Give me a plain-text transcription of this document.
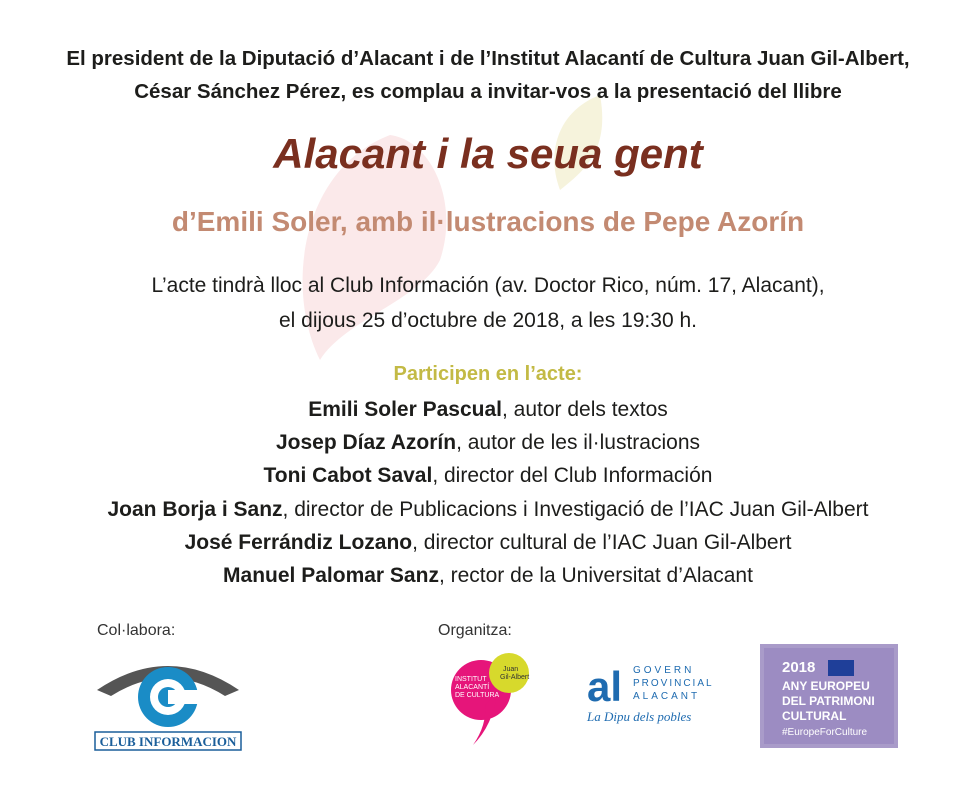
El president de la Diputació d’Alacant i de l’Institut Alacantí de Cultura Juan Gil-Albert,
César Sánchez Pérez, es complau a invitar-vos a la presentació del llibre
Alacant i la seua gent
d’Emili Soler, amb il·lustracions de Pepe Azorín
L’acte tindrà lloc al Club Información (av. Doctor Rico, núm. 17, Alacant),
el dijous 25 d’octubre de 2018, a les 19:30 h.
Participen en l’acte:
Emili Soler Pascual, autor dels textos
Josep Díaz Azorín, autor de les il·lustracions
Toni Cabot Saval, director del Club Información
Joan Borja i Sanz, director de Publicacions i Investigació de l’IAC Juan Gil-Albert
José Ferrándiz Lozano, director cultural de l’IAC Juan Gil-Albert
Manuel Palomar Sanz, rector de la Universitat d’Alacant
Col·labora:	Organitza:
CLUB INFORMACION
INSTITUT
ALACANTÍ
DE CULTURA
Juan
Gil-Albert al GOVERN
PROVINCIAL
ALACANT
La Dipu dels pobles
2018
ANY EUROPEU
DEL PATRIMONI
CULTURAL
#EuropeForCulture
